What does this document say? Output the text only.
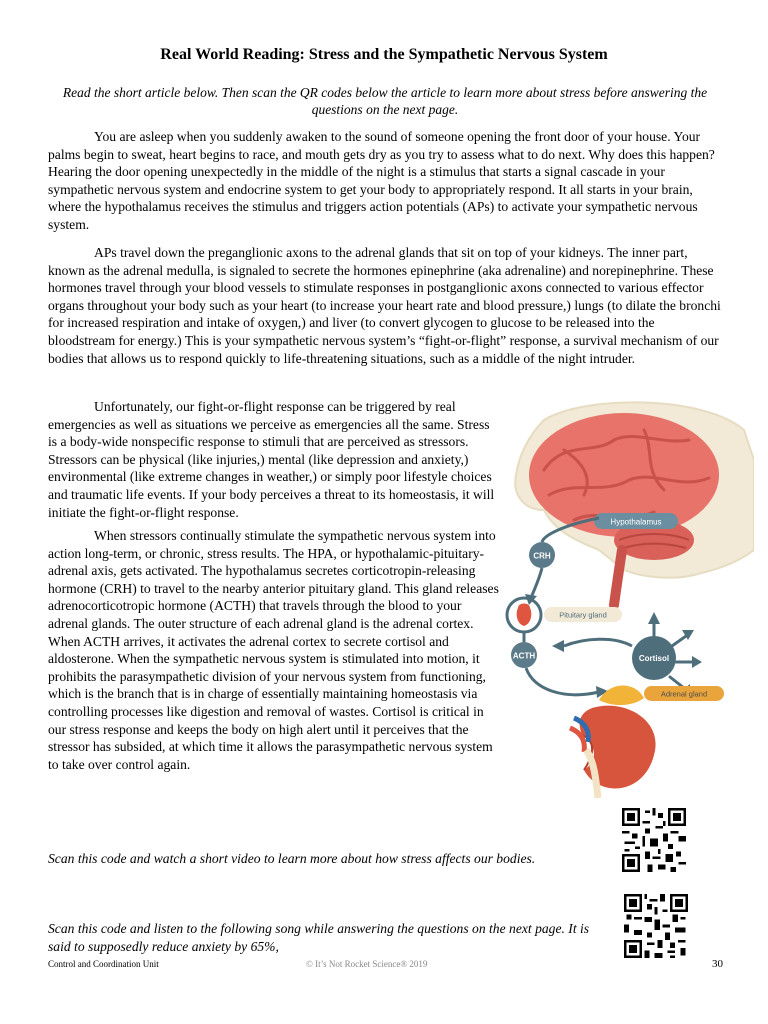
Real World Reading: Stress and the Sympathetic Nervous System
Read the short article below. Then scan the QR codes below the article to learn more about stress before answering the questions on the next page.

You are asleep when you suddenly awaken to the sound of someone opening the front door of your house. Your palms begin to sweat, heart begins to race, and mouth gets dry as you try to assess what to do next. Why does this happen? Hearing the door opening unexpectedly in the middle of the night is a stimulus that starts a signal cascade in your sympathetic nervous system and endocrine system to get your body to appropriately respond. It all starts in your brain, where the hypothalamus receives the stimulus and triggers action potentials (APs) to activate your sympathetic nervous system.

APs travel down the preganglionic axons to the adrenal glands that sit on top of your kidneys. The inner part, known as the adrenal medulla, is signaled to secrete the hormones epinephrine (aka adrenaline) and norepinephrine. These hormones travel through your blood vessels to stimulate responses in postganglionic axons connected to various effector organs throughout your body such as your heart (to increase your heart rate and blood pressure,) lungs (to dilate the bronchi for increased respiration and intake of oxygen,) and liver (to convert glycogen to glucose to be released into the bloodstream for energy.) This is your sympathetic nervous system’s “fight-or-flight” response, a survival mechanism of our bodies that allows us to respond quickly to life-threatening situations, such as a middle of the night intruder.

Unfortunately, our fight-or-flight response can be triggered by real emergencies as well as situations we perceive as emergencies all the same. Stress is a body-wide nonspecific response to stimuli that are perceived as stressors. Stressors can be physical (like injuries,) mental (like depression and anxiety,) environmental (like extreme changes in weather,) or simply poor lifestyle choices and traumatic life events. If your body perceives a threat to its homeostasis, it will initiate the fight-or-flight response.

When stressors continually stimulate the sympathetic nervous system into action long-term, or chronic, stress results. The HPA, or hypothalamic-pituitary-adrenal axis, gets activated. The hypothalamus secretes corticotropin-releasing hormone (CRH) to travel to the nearby anterior pituitary gland. This gland releases adrenocorticotropic hormone (ACTH) that travels through the blood to your adrenal glands. The outer structure of each adrenal gland is the adrenal cortex. When ACTH arrives, it activates the adrenal cortex to secrete cortisol and aldosterone. When the sympathetic nervous system is stimulated into motion, it prohibits the parasympathetic division of your nervous system from functioning, which is the branch that is in charge of essentially maintaining homeostasis via controlling processes like digestion and removal of wastes. Cortisol is critical in our stress response and keeps the body on high alert until it perceives that the stressor has subsided, at which time it allows the parasympathetic nervous system to take over control again.

Hypothalamus
CRH
Pituitary gland
ACTH	Cortisol
Adrenal gland
Scan this code and watch a short video to learn more about how stress affects our bodies.
Scan this code and listen to the following song while answering the questions on the next page. It is said to supposedly reduce anxiety by 65%,
Control and Coordination Unit	© It’s Not Rocket Science® 2019	30
